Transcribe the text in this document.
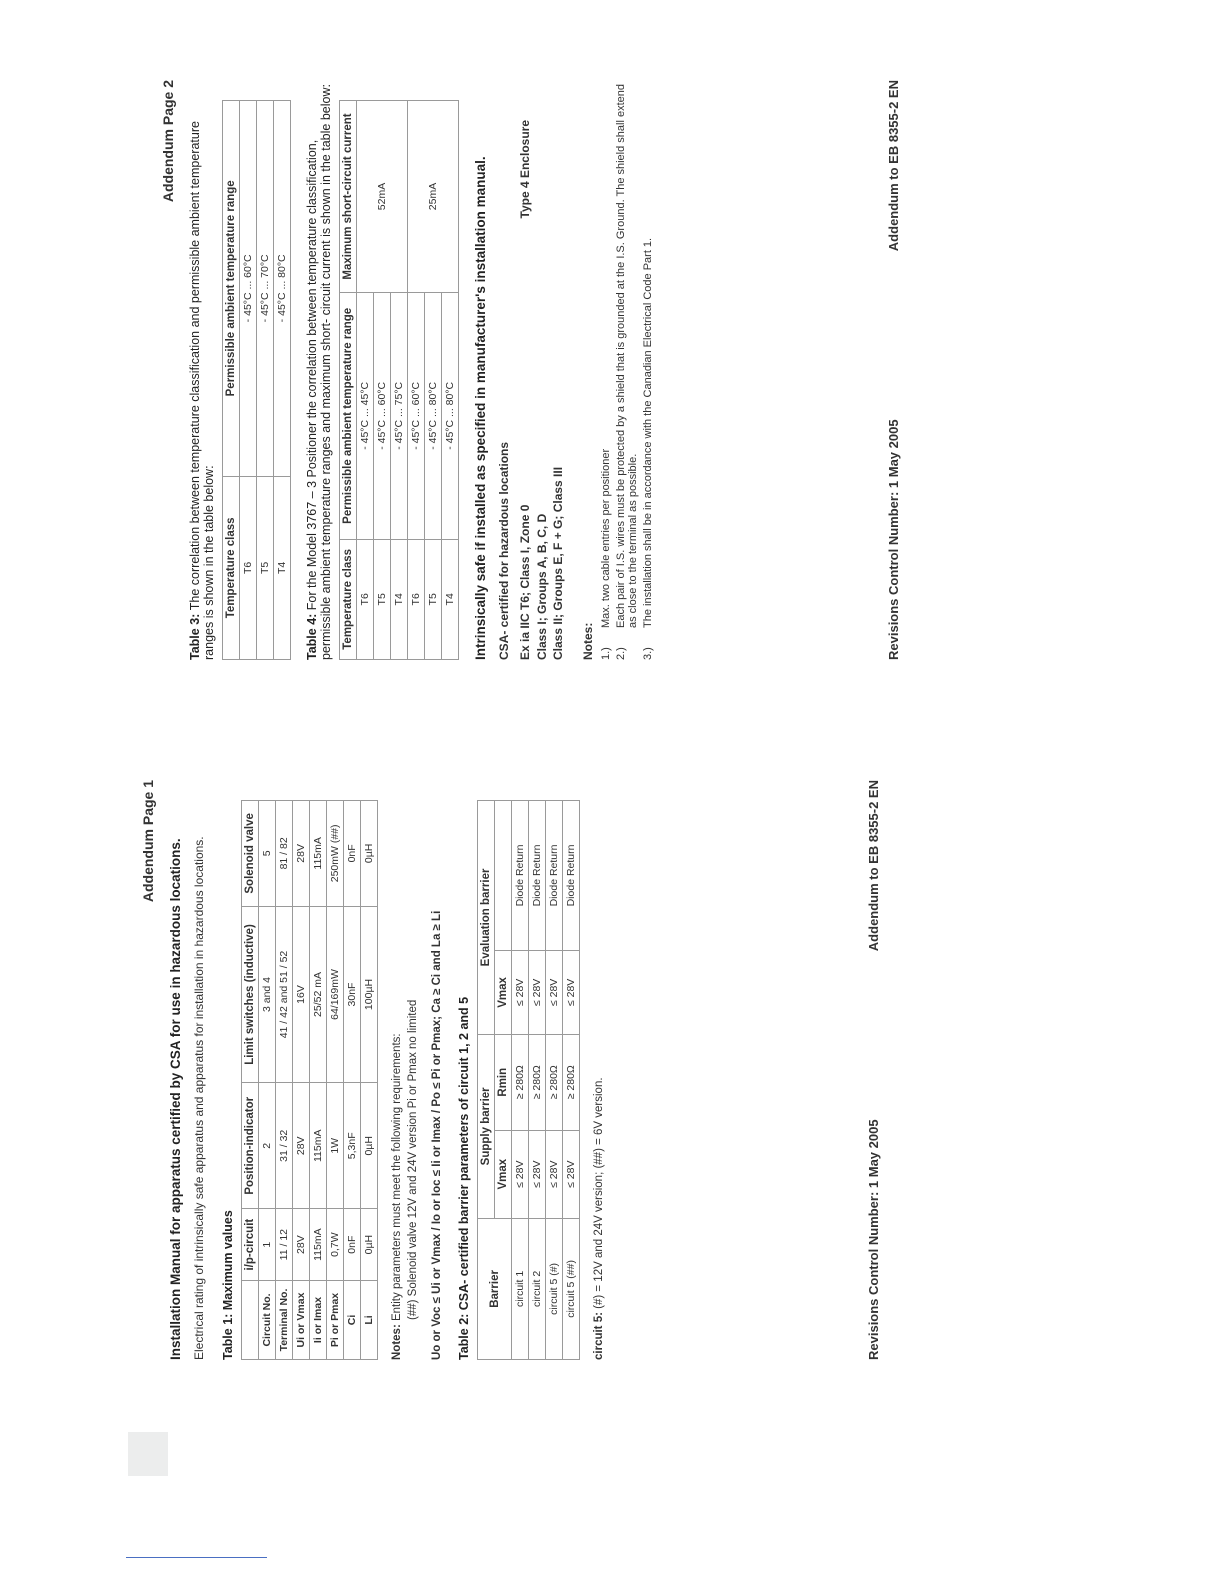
Addendum Page 1 Installation Manual for apparatus certified by CSA for use in hazardous locations. Electrical rating of intrinsically safe apparatus and apparatus for installation in hazardous locations. Table 1: Maximum values
	i/p-circuit	Position-indicator	Limit switches (inductive)	Solenoid valve
Circuit No.	1	2	3 and 4	5
Terminal No.	11 / 12	31 / 32	41 / 42 and 51 / 52	81 / 82
Ui or Vmax	28V	28V	16V	28V
Ii or Imax	115mA	115mA	25/52 mA	115mA
Pi or Pmax	0,7W	1W	64/169mW	250mW (##)
Ci	0nF	5,3nF	30nF	0nF
Li	0µH	0µH	100µH	0µH
Notes: Entity parameters must meet the following requirements: (##) Solenoid valve 12V and 24V version Pi or Pmax no limited Uo or Voc ≤ Ui or Vmax / Io or Ioc ≤ Ii or Imax / Po ≤ Pi or Pmax; Ca ≥ Ci and La ≥ Li Table 2: CSA- certified barrier parameters of circuit 1, 2 and 5 Barrier	Supply barrier		Evaluation barrier	
	Vmax	Rmin	Vmax	
circuit 1	≤ 28V	≥ 280Ω	≤ 28V	Diode Return
circuit 2	≤ 28V	≥ 280Ω	≤ 28V	Diode Return
circuit 5 (#)	≤ 28V	≥ 280Ω	≤ 28V	Diode Return
circuit 5 (##)	≤ 28V	≥ 280Ω	≤ 28V	Diode Return
circuit 5: (#) = 12V and 24V version; (##) = 6V version.	Revisions Control Number: 1 May 2005
Addendum to EB 8355-2 EN
Addendum Page 2
Table 3: The correlation between temperature classification and permissible ambient temperature ranges is shown in the table below: Temperature class	Permissible ambient temperature range
T6	- 45°C ... 60°C
T5	- 45°C ... 70°C
T4	- 45°C ... 80°C
Table 4: For the Model 3767 – 3 Positioner the correlation between temperature classification, permissible ambient temperature ranges and maximum short- circuit current is shown in the table below: Temperature class	Permissible ambient temperature range	Maximum short-circuit current
T6	- 45°C ... 45°C	52mA
T5	- 45°C ... 60°C	
T4	- 45°C ... 75°C	
T6	- 45°C ... 60°C	25mA
T5	- 45°C ... 80°C	
T4	- 45°C ... 80°C	Intrinsically safe if installed as specified in manufacturer's installation manual. CSA- certified for hazardous locations Ex ia IIC T6; Class I, Zone 0 Class I; Groups A, B, C, D Class II; Groups E, F + G; Class III
Type 4 Enclosure
Notes: 1.)
Max. two cable entries per positioner
2.)
Each pair of I.S. wires must be protected by a shield that is grounded at the I.S. Ground. The shield shall extend as close to the terminal as possible.
3.)
The installation shall be in accordance with the Canadian Electrical Code Part 1.	Revisions Control Number: 1 May 2005
Addendum to EB 8355-2 EN
